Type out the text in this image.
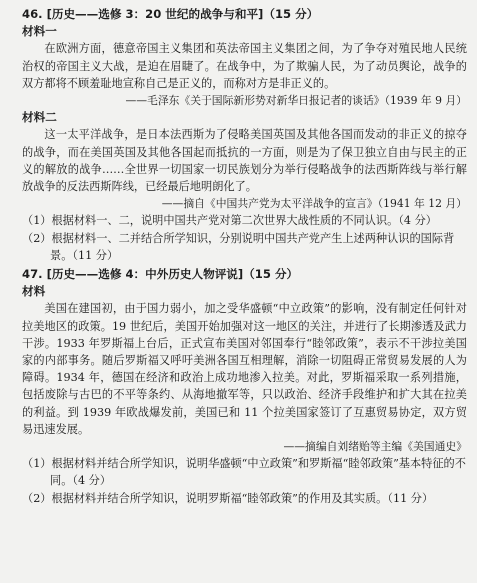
46. [历史——选修 3：20 世纪的战争与和平]（15 分）
材料一

在欧洲方面，德意帝国主义集团和英法帝国主义集团之间，为了争夺对殖民地人民统治权的帝国主义大战，是迫在眉睫了。在战争中，为了欺骗人民，为了动员舆论，战争的双方都将不顾羞耻地宣称自己是正义的，而称对方是非正义的。

——毛泽东《关于国际新形势对新华日报记者的谈话》（1939 年 9 月）

材料二

这一太平洋战争，是日本法西斯为了侵略美国英国及其他各国而发动的非正义的掠夺的战争，而在美国英国及其他各国起而抵抗的一方面，则是为了保卫独立自由与民主的正义的解放的战争……全世界一切国家一切民族划分为举行侵略战争的法西斯阵线与举行解放战争的反法西斯阵线，已经最后地明朗化了。

——摘自《中国共产党为太平洋战争的宣言》（1941 年 12 月）

（1）根据材料一、二，说明中国共产党对第二次世界大战性质的不同认识。（4 分）

（2）根据材料一、二并结合所学知识，分别说明中国共产党产生上述两种认识的国际背景。（11 分）

47. [历史——选修 4：中外历史人物评说]（15 分）
材料

美国在建国初，由于国力弱小，加之受华盛顿“中立政策”的影响，没有制定任何针对拉美地区的政策。19 世纪后，美国开始加强对这一地区的关注，并进行了长期渗透及武力干涉。1933 年罗斯福上台后，正式宣布美国对邻国奉行“睦邻政策”，表示不干涉拉美国家的内部事务。随后罗斯福又呼吁美洲各国互相理解，消除一切阻碍正常贸易发展的人为障碍。1934 年，德国在经济和政治上成功地渗入拉美。对此，罗斯福采取一系列措施，包括废除与古巴的不平等条约、从海地撤军等，只以政治、经济手段维护和扩大其在拉美的利益。到 1939 年欧战爆发前，美国已和 11 个拉美国家签订了互惠贸易协定，双方贸易迅速发展。

——摘编自刘绪贻等主编《美国通史》

（1）根据材料并结合所学知识，说明华盛顿“中立政策”和罗斯福“睦邻政策”基本特征的不同。（4 分）

（2）根据材料并结合所学知识，说明罗斯福“睦邻政策”的作用及其实质。（11 分）
